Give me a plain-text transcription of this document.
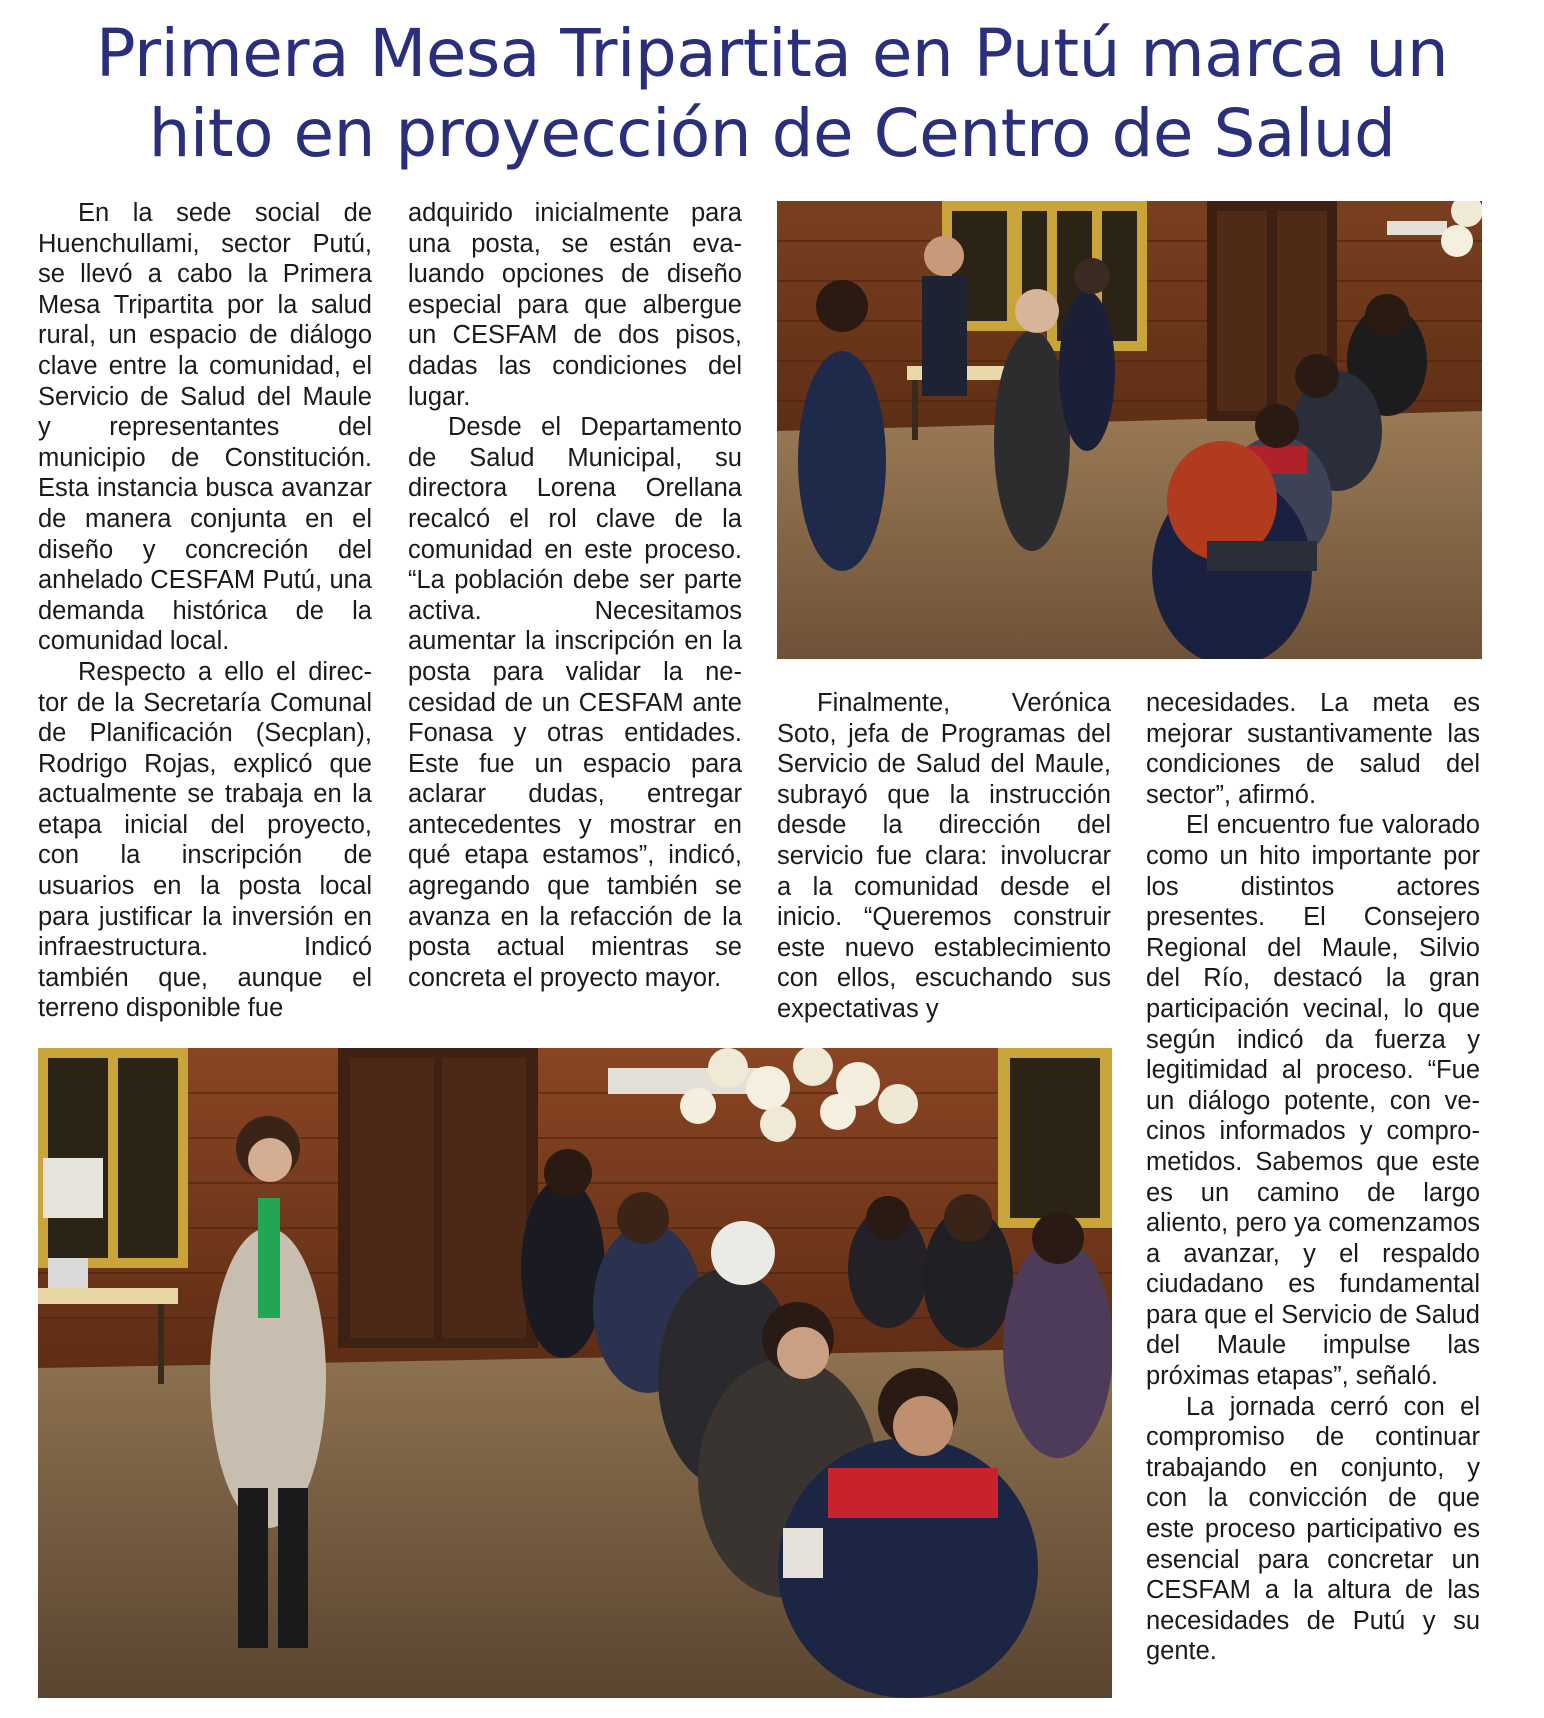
Primera Mesa Tripartita en Putú marca un
hito en proyección de Centro de Salud

En la sede social de Huenchullami, sector Putú, se llevó a cabo la Primera Mesa Tripartita por la salud rural, un espacio de diálogo clave entre la comunidad, el Servicio de Salud del Maule y representantes del municipio de Constitución. Esta instancia busca avanzar de manera conjunta en el diseño y concreción del anhelado CESFAM Putú, una demanda histórica de la comunidad local.

Respecto a ello el director de la Secretaría Comunal de Planificación (Secplan), Rodrigo Rojas, explicó que actualmente se trabaja en la etapa inicial del proyecto, con la inscripción de usuarios en la posta local para justificar la inversión en infraestructura. Indicó también que, aunque el terreno disponible fue

adquirido inicialmente para una posta, se están evaluando opciones de diseño especial para que albergue un CESFAM de dos pisos, dadas las condiciones del lugar.

Desde el Departamento de Salud Municipal, su directora Lorena Orellana recalcó el rol clave de la comunidad en este proceso. “La población debe ser parte activa. Necesitamos aumentar la inscripción en la posta para validar la necesidad de un CESFAM ante Fonasa y otras entidades. Este fue un espacio para aclarar dudas, entregar antecedentes y mostrar en qué etapa estamos”, indicó, agregando que también se avanza en la refacción de la posta actual mientras se concreta el proyecto mayor.

Finalmente, Verónica Soto, jefa de Programas del Servicio de Salud del Maule, subrayó que la instrucción desde la dirección del servicio fue clara: involucrar a la comunidad desde el inicio. “Queremos construir este nuevo establecimiento con ellos, escuchando sus expectativas y

necesidades. La meta es mejorar sustantivamente las condiciones de salud del sector”, afirmó.

El encuentro fue valorado como un hito importante por los distintos actores presentes. El Consejero Regional del Maule, Silvio del Río, destacó la gran participación vecinal, lo que según indicó da fuerza y legitimidad al proceso. “Fue un diálogo potente, con vecinos informados y comprometidos. Sabemos que este es un camino de largo aliento, pero ya comenzamos a avanzar, y el respaldo ciudadano es fundamental para que el Servicio de Salud del Maule impulse las próximas etapas”, señaló.

La jornada cerró con el compromiso de continuar trabajando en conjunto, y con la convicción de que este proceso participativo es esencial para concretar un CESFAM a la altura de las necesidades de Putú y su gente.
